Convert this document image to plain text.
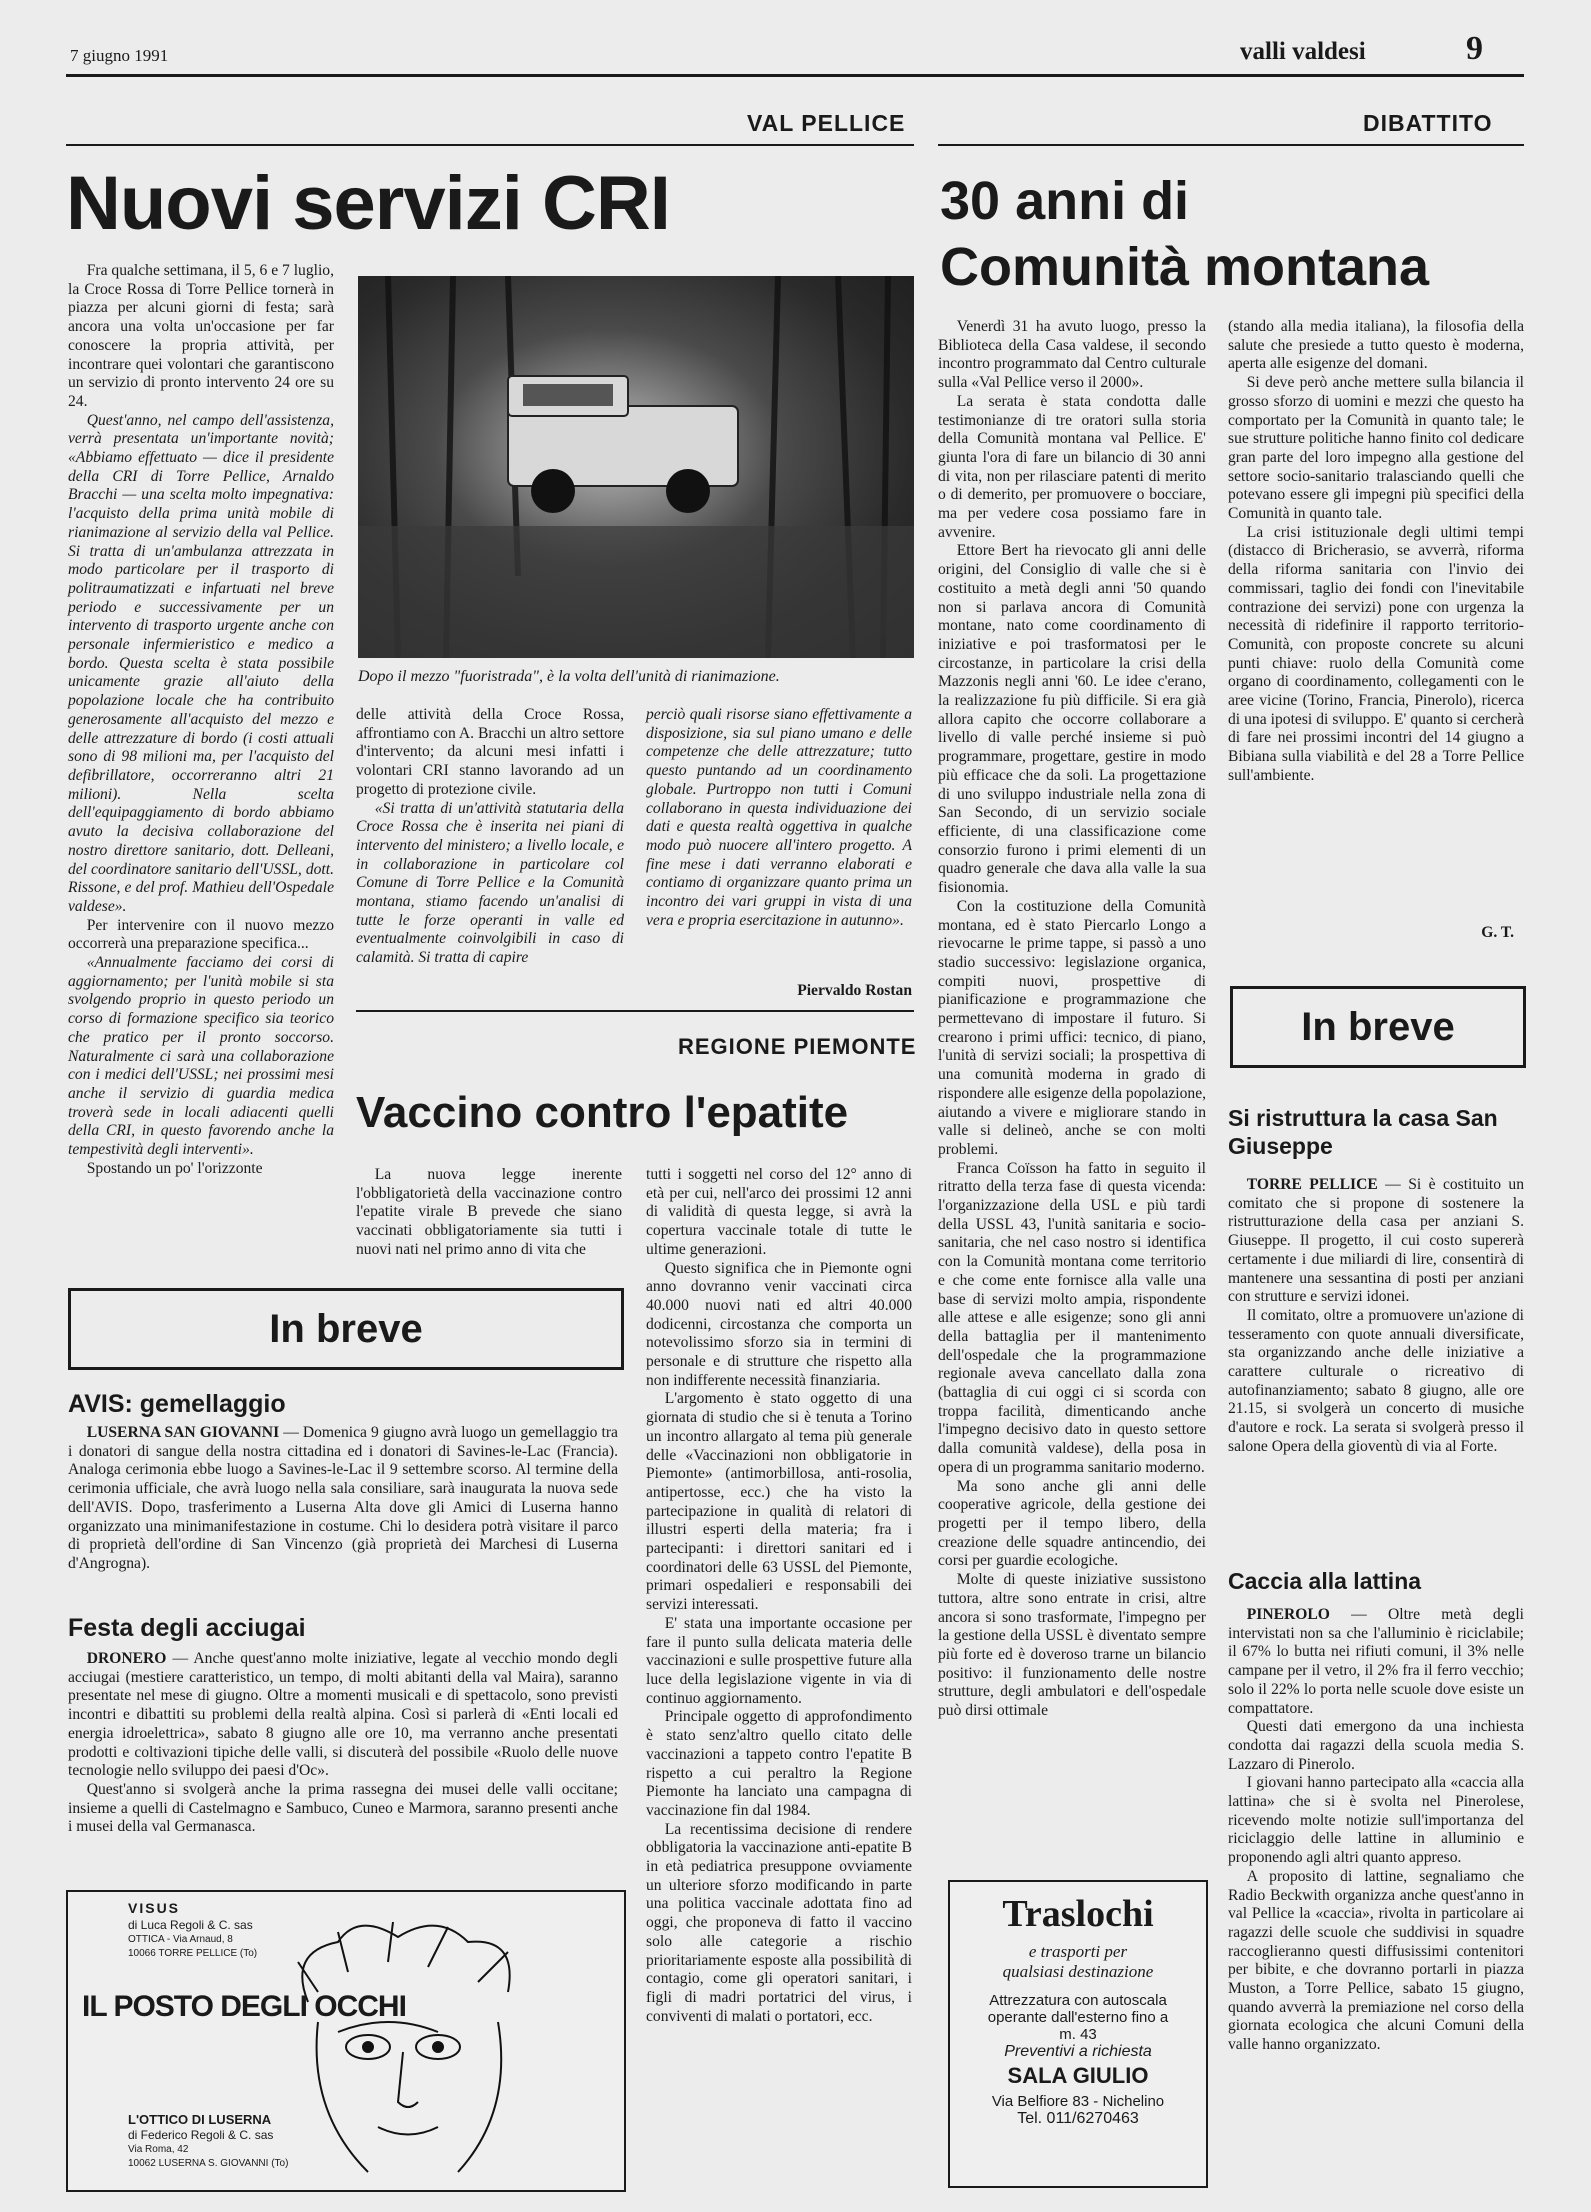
7 giugno 1991	valli valdesi	9
VAL PELLICE	DIBATTITO
Nuovi servizi CRI

Fra qualche settimana, il 5, 6 e 7 luglio, la Croce Rossa di Torre Pellice tornerà in piazza per alcuni giorni di festa; sarà ancora una volta un'occasione per far conoscere la propria attività, per incontrare quei volontari che garantiscono un servizio di pronto intervento 24 ore su 24.

Quest'anno, nel campo dell'assistenza, verrà presentata un'importante novità; «Abbiamo effettuato — dice il presidente della CRI di Torre Pellice, Arnaldo Bracchi — una scelta molto impegnativa: l'acquisto della prima unità mobile di rianimazione al servizio della val Pellice. Si tratta di un'ambulanza attrezzata in modo particolare per il trasporto di politraumatizzati e infartuati nel breve periodo e successivamente per un intervento di trasporto urgente anche con personale infermieristico e medico a bordo. Questa scelta è stata possibile unicamente grazie all'aiuto della popolazione locale che ha contribuito generosamente all'acquisto del mezzo e delle attrezzature di bordo (i costi attuali sono di 98 milioni ma, per l'acquisto del defibrillatore, occorreranno altri 21 milioni). Nella scelta dell'equipaggiamento di bordo abbiamo avuto la decisiva collaborazione del nostro direttore sanitario, dott. Delleani, del coordinatore sanitario dell'USSL, dott. Rissone, e del prof. Mathieu dell'Ospedale valdese».

Per intervenire con il nuovo mezzo occorrerà una preparazione specifica...

«Annualmente facciamo dei corsi di aggiornamento; per l'unità mobile si sta svolgendo proprio in questo periodo un corso di formazione specifico sia teorico che pratico per il pronto soccorso. Naturalmente ci sarà una collaborazione con i medici dell'USSL; nei prossimi mesi anche il servizio di guardia medica troverà sede in locali adiacenti quelli della CRI, in questo favorendo anche la tempestività degli interventi».

Spostando un po' l'orizzonte

Dopo il mezzo "fuoristrada", è la volta dell'unità di rianimazione.

delle attività della Croce Rossa, affrontiamo con A. Bracchi un altro settore d'intervento; da alcuni mesi infatti i volontari CRI stanno lavorando ad un progetto di protezione civile.

«Si tratta di un'attività statutaria della Croce Rossa che è inserita nei piani di intervento del ministero; a livello locale, e in collaborazione in particolare col Comune di Torre Pellice e la Comunità montana, stiamo facendo un'analisi di tutte le forze operanti in valle ed eventualmente coinvolgibili in caso di calamità. Si tratta di capire

perciò quali risorse siano effettivamente a disposizione, sia sul piano umano e delle competenze che delle attrezzature; tutto questo puntando ad un coordinamento globale. Purtroppo non tutti i Comuni collaborano in questa individuazione dei dati e questa realtà oggettiva in qualche modo può nuocere all'intero progetto. A fine mese i dati verranno elaborati e contiamo di organizzare quanto prima un incontro dei vari gruppi in vista di una vera e propria esercitazione in autunno».

Piervaldo Rostan
REGIONE PIEMONTE
Vaccino contro l'epatite

La nuova legge inerente l'obbligatorietà della vaccinazione contro l'epatite virale B prevede che siano vaccinati obbligatoriamente sia tutti i nuovi nati nel primo anno di vita che

tutti i soggetti nel corso del 12° anno di età per cui, nell'arco dei prossimi 12 anni di validità di questa legge, si avrà la copertura vaccinale totale di tutte le ultime generazioni.

Questo significa che in Piemonte ogni anno dovranno venir vaccinati circa 40.000 nuovi nati ed altri 40.000 dodicenni, circostanza che comporta un notevolissimo sforzo sia in termini di personale e di strutture che rispetto alla non indifferente necessità finanziaria.

L'argomento è stato oggetto di una giornata di studio che si è tenuta a Torino un incontro allargato al tema più generale delle «Vaccinazioni non obbligatorie in Piemonte» (antimorbillosa, anti-rosolia, antipertosse, ecc.) che ha visto la partecipazione in qualità di relatori di illustri esperti della materia; fra i partecipanti: i direttori sanitari ed i coordinatori delle 63 USSL del Piemonte, primari ospedalieri e responsabili dei servizi interessati.

E' stata una importante occasione per fare il punto sulla delicata materia delle vaccinazioni e sulle prospettive future alla luce della legislazione vigente in via di continuo aggiornamento.

Principale oggetto di approfondimento è stato senz'altro quello citato delle vaccinazioni a tappeto contro l'epatite B rispetto a cui peraltro la Regione Piemonte ha lanciato una campagna di vaccinazione fin dal 1984.

La recentissima decisione di rendere obbligatoria la vaccinazione anti-epatite B in età pediatrica presuppone ovviamente un ulteriore sforzo modificando in parte una politica vaccinale adottata fino ad oggi, che proponeva di fatto il vaccino solo alle categorie a rischio prioritariamente esposte alla possibilità di contagio, come gli operatori sanitari, i figli di madri portatrici del virus, i conviventi di malati o portatori, ecc.

In breve
AVIS: gemellaggio

LUSERNA SAN GIOVANNI — Domenica 9 giugno avrà luogo un gemellaggio tra i donatori di sangue della nostra cittadina ed i donatori di Savines-le-Lac (Francia). Analoga cerimonia ebbe luogo a Savines-le-Lac il 9 settembre scorso. Al termine della cerimonia ufficiale, che avrà luogo nella sala consiliare, sarà inaugurata la nuova sede dell'AVIS. Dopo, trasferimento a Luserna Alta dove gli Amici di Luserna hanno organizzato una minimanifestazione in costume. Chi lo desidera potrà visitare il parco di proprietà dell'ordine di San Vincenzo (già proprietà dei Marchesi di Luserna d'Angrogna).

Festa degli acciugai

DRONERO — Anche quest'anno molte iniziative, legate al vecchio mondo degli acciugai (mestiere caratteristico, un tempo, di molti abitanti della val Maira), saranno presentate nel mese di giugno. Oltre a momenti musicali e di spettacolo, sono previsti incontri e dibattiti su problemi della realtà alpina. Così si parlerà di «Enti locali ed energia idroelettrica», sabato 8 giugno alle ore 10, ma verranno anche presentati prodotti e coltivazioni tipiche delle valli, si discuterà del possibile «Ruolo delle nuove tecnologie nello sviluppo dei paesi d'Oc».

Quest'anno si svolgerà anche la prima rassegna dei musei delle valli occitane; insieme a quelli di Castelmagno e Sambuco, Cuneo e Marmora, saranno presenti anche i musei della val Germanasca.

VISUS
di Luca Regoli & C. sas
OTTICA - Via Arnaud, 8
10066 TORRE PELLICE (To)
IL POSTO DEGLI OCCHI
L'OTTICO DI LUSERNA
di Federico Regoli & C. sas
Via Roma, 42
10062 LUSERNA S. GIOVANNI (To)
30 anni di
Comunità montana

Venerdì 31 ha avuto luogo, presso la Biblioteca della Casa valdese, il secondo incontro programmato dal Centro culturale sulla «Val Pellice verso il 2000».

La serata è stata condotta dalle testimonianze di tre oratori sulla storia della Comunità montana val Pellice. E' giunta l'ora di fare un bilancio di 30 anni di vita, non per rilasciare patenti di merito o di demerito, per promuovere o bocciare, ma per vedere cosa possiamo fare in avvenire.

Ettore Bert ha rievocato gli anni delle origini, del Consiglio di valle che si è costituito a metà degli anni '50 quando non si parlava ancora di Comunità montane, nato come coordinamento di iniziative e poi trasformatosi per le circostanze, in particolare la crisi della Mazzonis negli anni '60. Le idee c'erano, la realizzazione fu più difficile. Si era già allora capito che occorre collaborare a livello di valle perché insieme si può programmare, progettare, gestire in modo più efficace che da soli. La progettazione di uno sviluppo industriale nella zona di San Secondo, di un servizio sociale efficiente, di una classificazione come consorzio furono i primi elementi di un quadro generale che dava alla valle la sua fisionomia.

Con la costituzione della Comunità montana, ed è stato Piercarlo Longo a rievocarne le prime tappe, si passò a uno stadio successivo: legislazione organica, compiti nuovi, prospettive di pianificazione e programmazione che permettevano di impostare il futuro. Si crearono i primi uffici: tecnico, di piano, l'unità di servizi sociali; la prospettiva di una comunità moderna in grado di rispondere alle esigenze della popolazione, aiutando a vivere e migliorare stando in valle si delineò, anche se con molti problemi.

Franca Coïsson ha fatto in seguito il ritratto della terza fase di questa vicenda: l'organizzazione della USL e più tardi della USSL 43, l'unità sanitaria e socio-sanitaria, che nel caso nostro si identifica con la Comunità montana come territorio e che come ente fornisce alla valle una base di servizi molto ampia, rispondente alle attese e alle esigenze; sono gli anni della battaglia per il mantenimento dell'ospedale che la programmazione regionale aveva cancellato dalla zona (battaglia di cui oggi ci si scorda con troppa facilità, dimenticando anche l'impegno decisivo dato in questo settore dalla comunità valdese), della posa in opera di un programma sanitario moderno.

Ma sono anche gli anni delle cooperative agricole, della gestione dei progetti per il tempo libero, della creazione delle squadre antincendio, dei corsi per guardie ecologiche.

Molte di queste iniziative sussistono tuttora, altre sono entrate in crisi, altre ancora si sono trasformate, l'impegno per la gestione della USSL è diventato sempre più forte ed è doveroso trarne un bilancio positivo: il funzionamento delle nostre strutture, degli ambulatori e dell'ospedale può dirsi ottimale

(stando alla media italiana), la filosofia della salute che presiede a tutto questo è moderna, aperta alle esigenze del domani.

Si deve però anche mettere sulla bilancia il grosso sforzo di uomini e mezzi che questo ha comportato per la Comunità in quanto tale; le sue strutture politiche hanno finito col dedicare gran parte del loro impegno alla gestione del settore socio-sanitario tralasciando quelli che potevano essere gli impegni più specifici della Comunità in quanto tale.

La crisi istituzionale degli ultimi tempi (distacco di Bricherasio, se avverrà, riforma della riforma sanitaria con l'invio dei commissari, taglio dei fondi con l'inevitabile contrazione dei servizi) pone con urgenza la necessità di ridefinire il rapporto territorio-Comunità, con proposte concrete su alcuni punti chiave: ruolo della Comunità come organo di coordinamento, collegamenti con le aree vicine (Torino, Francia, Pinerolo), ricerca di una ipotesi di sviluppo. E' quanto si cercherà di fare nei prossimi incontri del 14 giugno a Bibiana sulla viabilità e del 28 a Torre Pellice sull'ambiente.

G. T.
In breve
Si ristruttura la casa San Giuseppe

TORRE PELLICE — Si è costituito un comitato che si propone di sostenere la ristrutturazione della casa per anziani S. Giuseppe. Il progetto, il cui costo supererà certamente i due miliardi di lire, consentirà di mantenere una sessantina di posti per anziani con strutture e servizi idonei.

Il comitato, oltre a promuovere un'azione di tesseramento con quote annuali diversificate, sta organizzando anche delle iniziative a carattere culturale o ricreativo di autofinanziamento; sabato 8 giugno, alle ore 21.15, si svolgerà un concerto di musiche d'autore e rock. La serata si svolgerà presso il salone Opera della gioventù di via al Forte.

Caccia alla lattina

PINEROLO — Oltre metà degli intervistati non sa che l'alluminio è riciclabile; il 67% lo butta nei rifiuti comuni, il 3% nelle campane per il vetro, il 2% fra il ferro vecchio; solo il 22% lo porta nelle scuole dove esiste un compattatore.

Questi dati emergono da una inchiesta condotta dai ragazzi della scuola media S. Lazzaro di Pinerolo.

I giovani hanno partecipato alla «caccia alla lattina» che si è svolta nel Pinerolese, ricevendo molte notizie sull'importanza del riciclaggio delle lattine in alluminio e proponendo agli altri quanto appreso.

A proposito di lattine, segnaliamo che Radio Beckwith organizza anche quest'anno in val Pellice la «caccia», rivolta in particolare ai ragazzi delle scuole che suddivisi in squadre raccoglieranno questi diffusissimi contenitori per bibite, e che dovranno portarli in piazza Muston, a Torre Pellice, sabato 15 giugno, quando avverrà la premiazione nel corso della giornata ecologica che alcuni Comuni della valle hanno organizzato.

Traslochi
e trasporti per
qualsiasi destinazione
Attrezzatura con autoscala
operante dall'esterno fino a
m. 43
Preventivi a richiesta
SALA GIULIO
Via Belfiore 83 - Nichelino
Tel. 011/6270463
